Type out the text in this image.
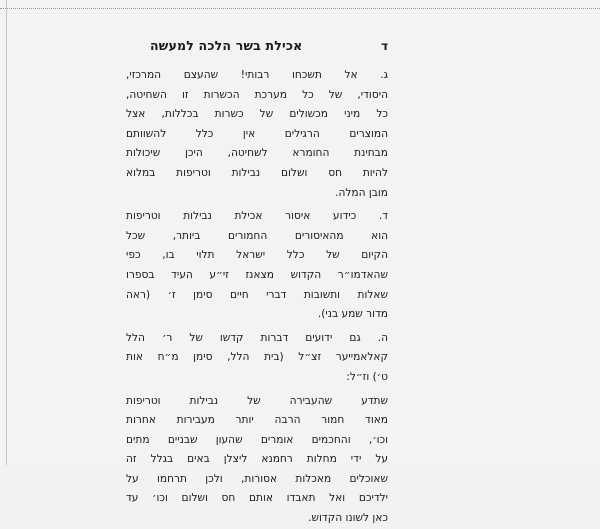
ד
אכילת בשר הלכה למעשה

ג. אל תשכחו רבותי! שהעצם המרכזי,
היסודי, של כל מערכת הכשרות זו השחיטה,
כל מיני מכשולים של כשרות בכללות, אצל
המוצרים הרגילים אין כלל להשוותם
מבחינת החומרא לשחיטה, היכן שיכולות
להיות חס ושלום נבילות וטריפות במלוא
מובן המלה.

ד. כידוע איסור אכילת נבילות וטריפות
הוא מהאיסורים החמורים ביותר, שכל
הקיום של כלל ישראל תלוי בו, כפי
שהאדמו״ר הקדוש מצאנז זי״ע העיד בספרו
שאלות ותשובות דברי חיים סימן ז׳ (ראה
מדור שמע בני).

ה. גם ידועים דברות קדשו של ר׳ הלל
קאלאמייער זצ״ל (בית הלל, סימן מ״ח אות
ט׳) וז״ל:

שתדע שהעבירה של נבילות וטריפות
מאוד חמור הרבה יותר מעבירות אחרות
וכו׳, והחכמים אומרים שהעון שבניים מתים
על ידי מחלות רחמנא ליצלן באים בגלל זה
שאוכלים מאכלות אסורות, ולכן תרחמו על
ילדיכם ואל תאבדו אותם חס ושלום וכו׳ עד
כאן לשונו הקדוש.
